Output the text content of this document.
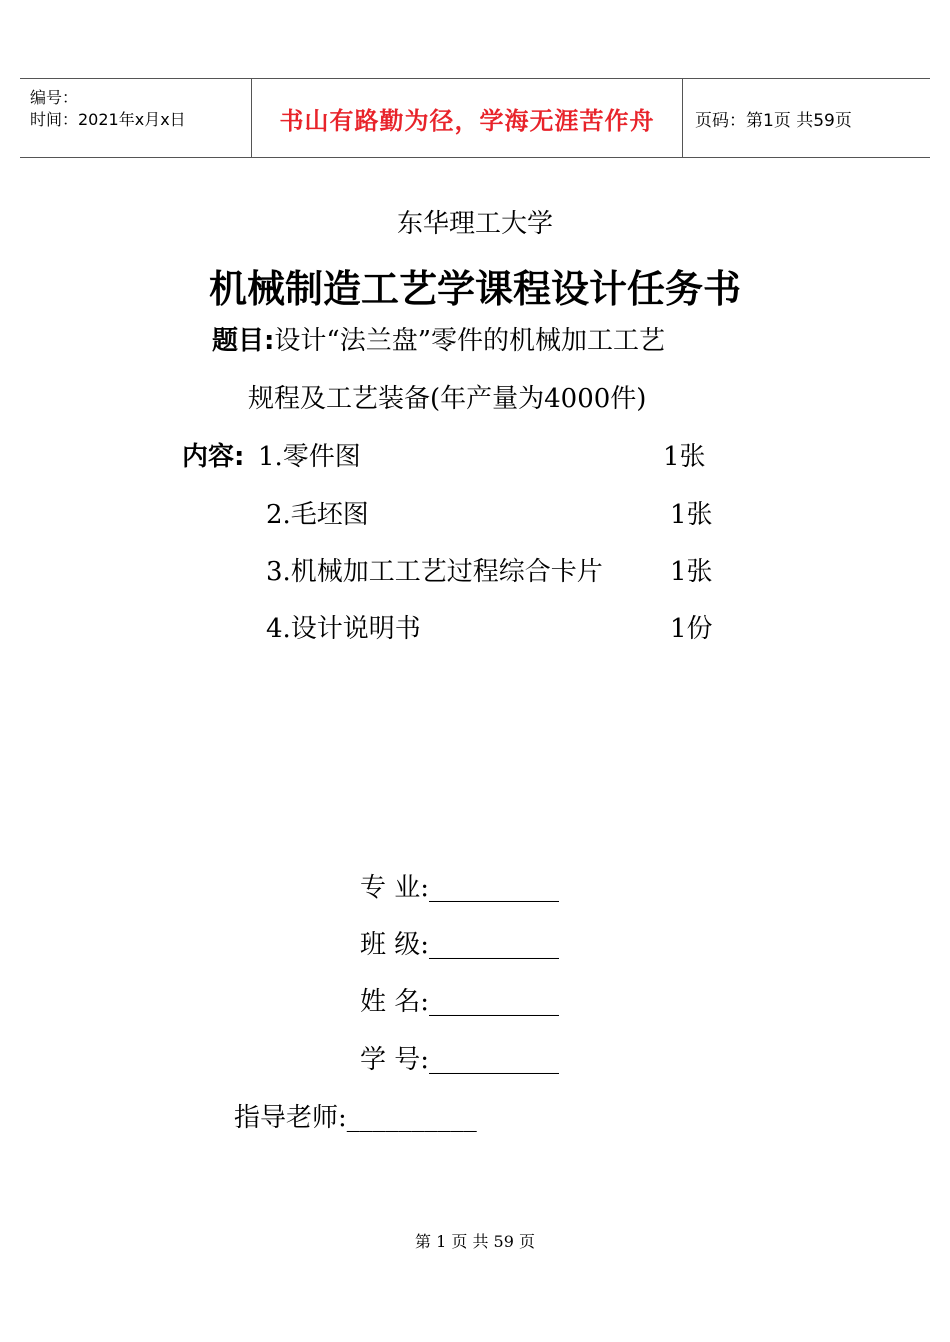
编号：
时间：2021年x月x日	书山有路勤为径，学海无涯苦作舟 页码：第1页 共59页
东华理工大学
机械制造工艺学课程设计任务书
题目:设计“法兰盘”零件的机械加工工艺
规程及工艺装备(年产量为4000件)
内容: 1.零件图	1张
2.毛坯图	1张
3.机械加工工艺过程综合卡片	1张
4.设计说明书	1份
专 业:__________
班 级:__________
姓 名:__________
学 号:__________
指导老师:__________
第 1 页 共 59 页
